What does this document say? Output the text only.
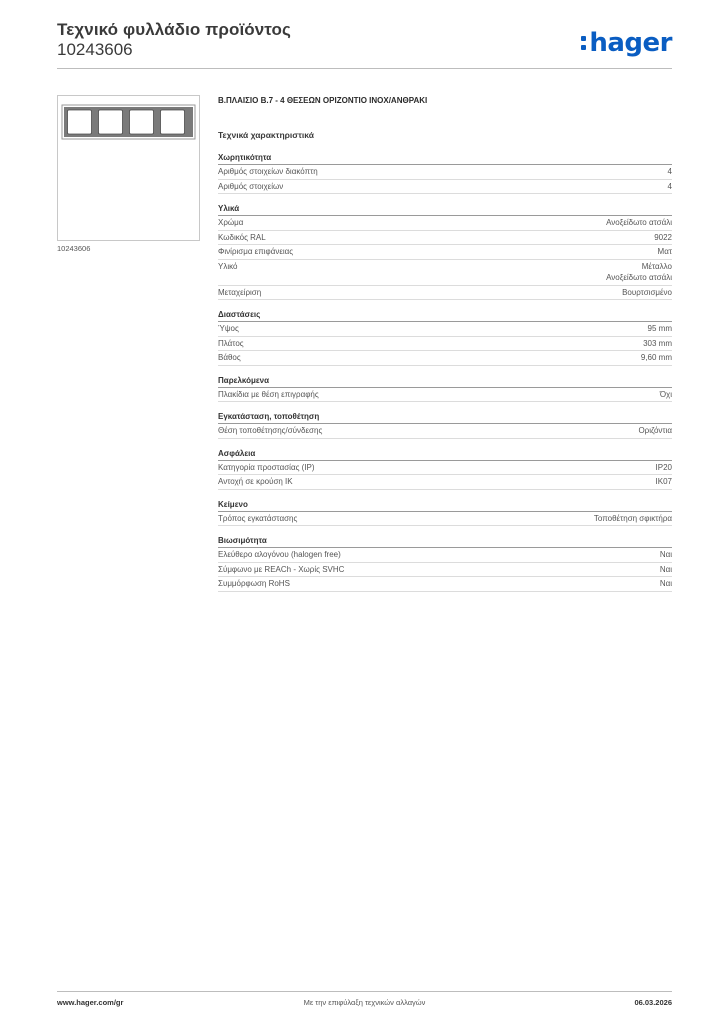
Τεχνικό φυλλάδιο προϊόντος
10243606	hager
10243606
Β.ΠΛΑΙΣΙΟ Β.7 - 4 ΘΕΣΕΩΝ ΟΡΙΖΟΝΤΙΟ INOX/ΑΝΘΡΑΚΙ
Τεχνικά χαρακτηριστικά
Χωρητικότητα
Αριθμός στοιχείων διακόπτη	4
Αριθμός στοιχείων	4
Υλικά
Χρώμα	Ανοξείδωτο ατσάλι
Κωδικός RAL	9022
Φινίρισμα επιφάνειας	Ματ
Υλικό	Μέταλλο
Ανοξείδωτο ατσάλι
Μεταχείριση	Βουρτσισμένο
Διαστάσεις
Ύψος	95 mm
Πλάτος	303 mm
Βάθος	9,60 mm
Παρελκόμενα
Πλακίδια με θέση επιγραφής	Όχι
Εγκατάσταση, τοποθέτηση
Θέση τοποθέτησης/σύνδεσης	Οριζόντια
Ασφάλεια
Κατηγορία προστασίας (IP)	IP20
Αντοχή σε κρούση IK	IK07
Κείμενο
Τρόπος εγκατάστασης	Τοποθέτηση σφικτήρα
Βιωσιμότητα
Ελεύθερο αλογόνου (halogen free)	Ναι
Σύμφωνο με REACh - Χωρίς SVHC	Ναι
Συμμόρφωση RoHS	Ναι
www.hager.com/gr	Με την επιφύλαξη τεχνικών αλλαγών	06.03.2026
